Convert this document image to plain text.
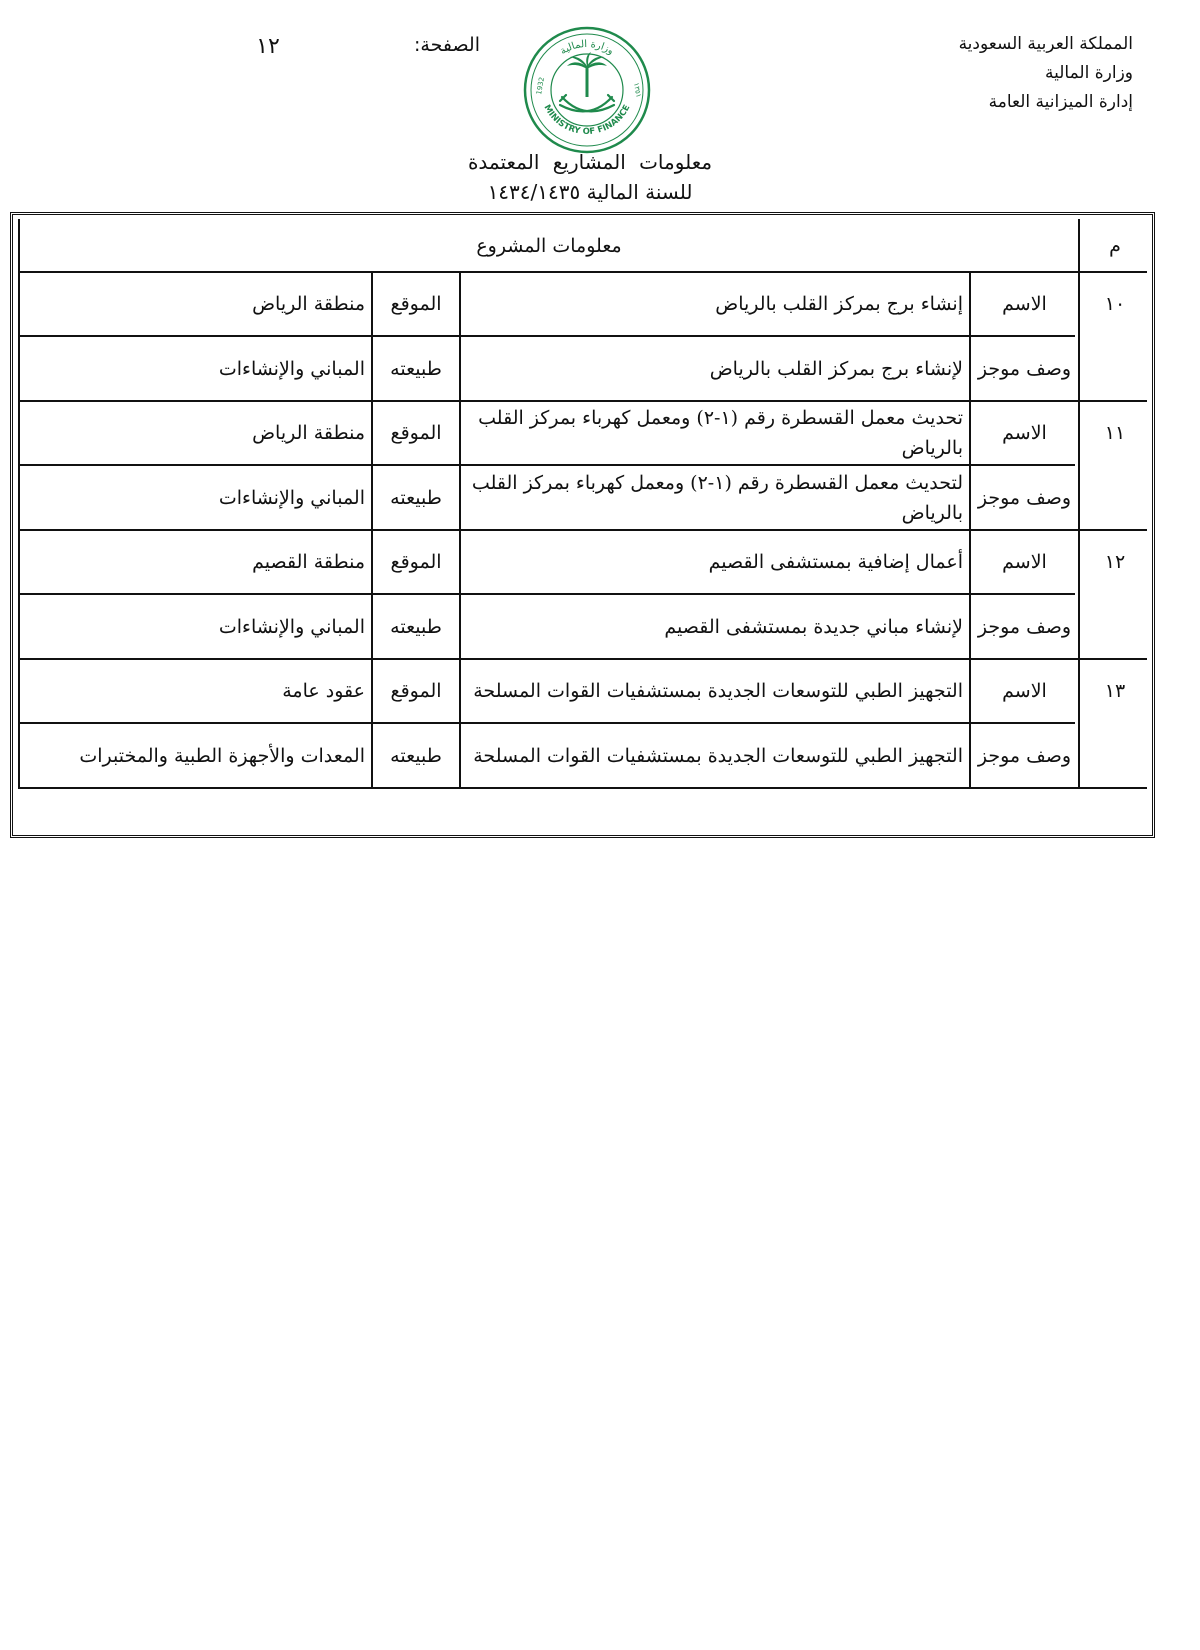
المملكة العربية السعودية
وزارة المالية
إدارة الميزانية العامة
الصفحة:
١٢	وزارة المالية
MINISTRY OF FINANCE
1932	١٣٥١
معلومات المشاريع المعتمدة
للسنة المالية ١٤٣٤/١٤٣٥
م
معلومات المشروع
١٠
الاسم
إنشاء برج بمركز القلب بالرياض
الموقع
منطقة الرياض
وصف موجز
لإنشاء برج بمركز القلب بالرياض
طبيعته
المباني والإنشاءات
١١
الاسم
تحديث معمل القسطرة رقم (١-٢) ومعمل كهرباء بمركز القلب بالرياض
الموقع
منطقة الرياض
وصف موجز
لتحديث معمل القسطرة رقم (١-٢) ومعمل كهرباء بمركز القلب بالرياض
طبيعته
المباني والإنشاءات
١٢
الاسم
أعمال إضافية بمستشفى القصيم
الموقع
منطقة القصيم
وصف موجز
لإنشاء مباني جديدة بمستشفى القصيم
طبيعته
المباني والإنشاءات
١٣
الاسم
التجهيز الطبي للتوسعات الجديدة بمستشفيات القوات المسلحة
الموقع
عقود عامة
وصف موجز
التجهيز الطبي للتوسعات الجديدة بمستشفيات القوات المسلحة
طبيعته
المعدات والأجهزة الطبية والمختبرات
